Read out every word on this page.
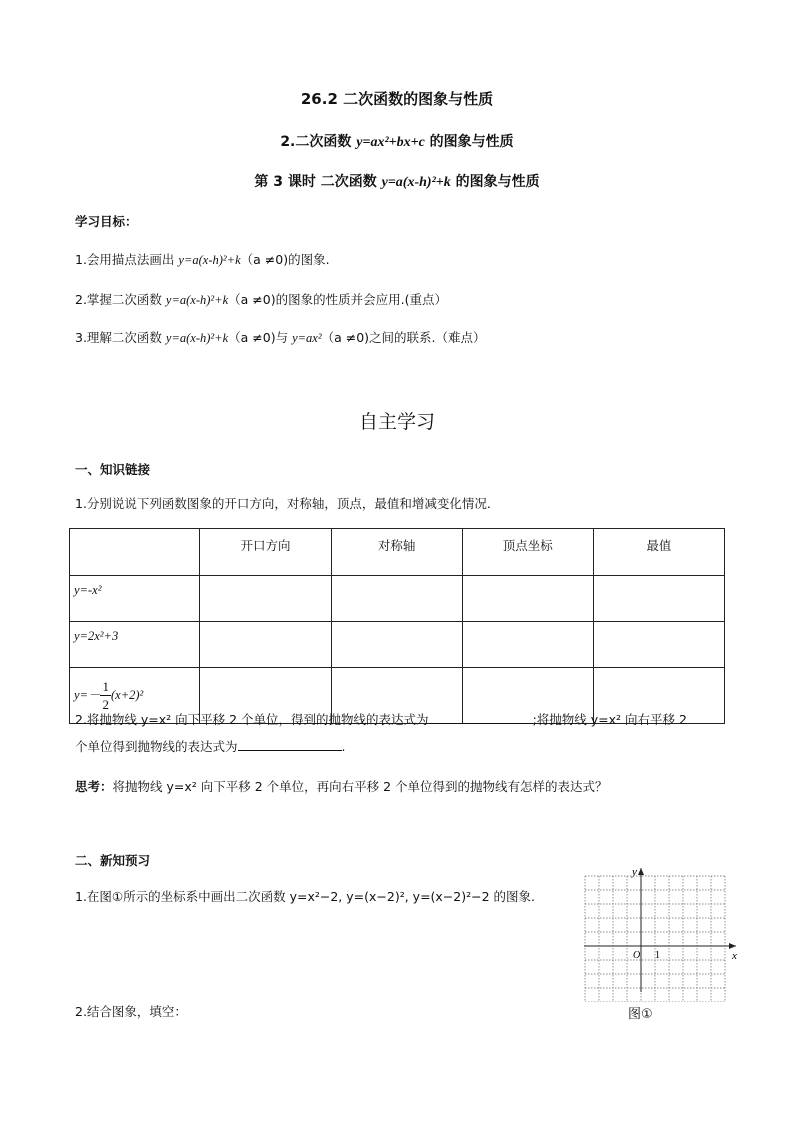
26.2 二次函数的图象与性质
2.二次函数 y=ax²+bx+c 的图象与性质
第 3 课时 二次函数 y=a(x-h)²+k 的图象与性质
学习目标：
1.会用描点法画出 y=a(x-h)²+k（a ≠0)的图象.
2.掌握二次函数 y=a(x-h)²+k（a ≠0)的图象的性质并会应用.(重点）
3.理解二次函数 y=a(x-h)²+k（a ≠0)与 y=ax²（a ≠0)之间的联系.（难点）
自主学习
一、知识链接
1.分别说说下列函数图象的开口方向，对称轴，顶点，最值和增减变化情况.
	开口方向	对称轴	顶点坐标	最值
y=-x²				
y=2x²+3				
$y=- \frac{1}{2} (x+2)^2$				
2.将抛物线 y=x² 向下平移 2 个单位，得到的抛物线的表达式为	;将抛物线 y=x² 向右平移 2
个单位得到抛物线的表达式为	.
思考：将抛物线 y=x² 向下平移 2 个单位，再向右平移 2 个单位得到的抛物线有怎样的表达式？
二、新知预习
1.在图①所示的坐标系中画出二次函数 y=x²−2, y=(x−2)², y=(x−2)²−2 的图象.
2.结合图象，填空：
y
x
O 1
图①
